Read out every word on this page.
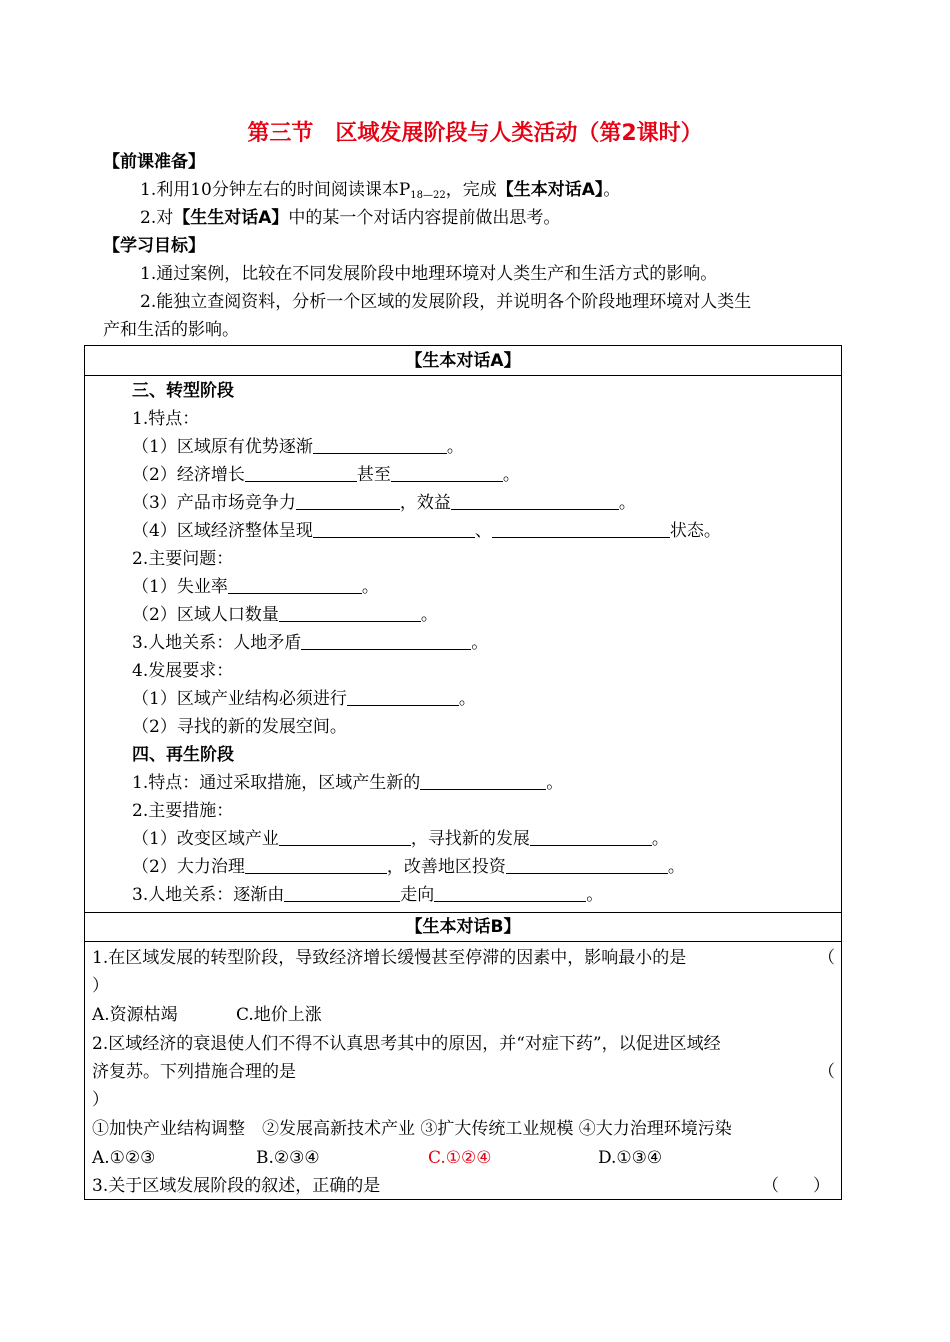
第三节 区域发展阶段与人类活动（第2课时）
【前课准备】
1.利用10分钟左右的时间阅读课本$P_{18—22}$，完成【生本对话A】。
2.对【生生对话A】中的某一个对话内容提前做出思考。
【学习目标】
1.通过案例，比较在不同发展阶段中地理环境对人类生产和生活方式的影响。
2.能独立查阅资料，分析一个区域的发展阶段，并说明各个阶段地理环境对人类生
产和生活的影响。
【生本对话A】
三、转型阶段
1.特点：
（1）区域原有优势逐渐	。
（2）经济增长	甚至	。
（3）产品市场竞争力	，效益	。
（4）区域经济整体呈现	、	状态。
2.主要问题：
（1）失业率	。
（2）区域人口数量	。
3.人地关系：人地矛盾	。
4.发展要求：
（1）区域产业结构必须进行	。
（2）寻找的新的发展空间。
四、再生阶段
1.特点：通过采取措施，区域产生新的	。
2.主要措施：
（1）改变区域产业	，寻找新的发展	。
（2）大力治理	，改善地区投资	。
3.人地关系：逐渐由	走向	。
【生本对话B】
1.在区域发展的转型阶段，导致经济增长缓慢甚至停滞的因素中，影响最小的是	（
）
A.资源枯竭	C.地价上涨
2.区域经济的衰退使人们不得不认真思考其中的原因，并“对症下药”，以促进区域经
济复苏。下列措施合理的是	（
）
①加快产业结构调整　②发展高新技术产业 ③扩大传统工业规模 ④大力治理环境污染
A.①②③	B.②③④	C.①②④	D.①③④
3.关于区域发展阶段的叙述，正确的是	（　　）
